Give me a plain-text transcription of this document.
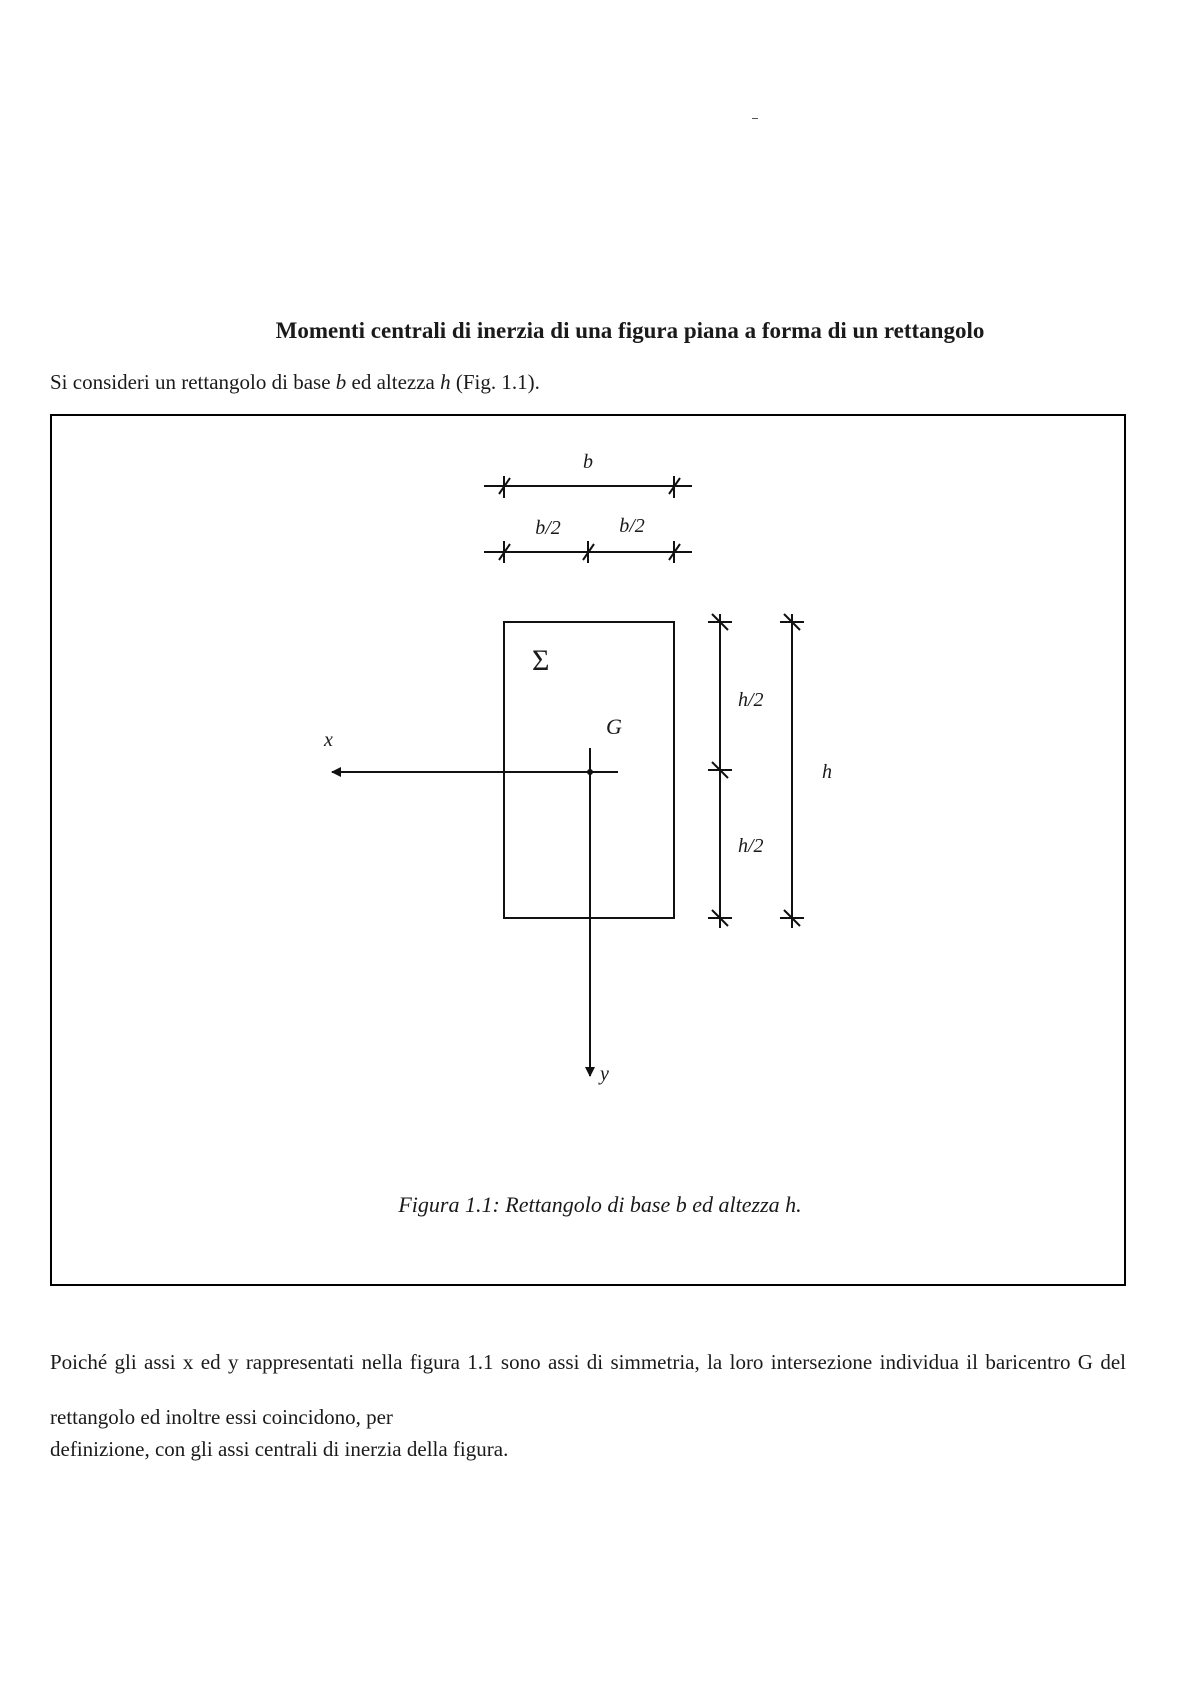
Momenti centrali di inerzia di una figura piana a forma di un rettangolo

Si consideri un rettangolo di base b ed altezza h (Fig. 1.1).

b
b/2	b/2
Σ
G
x
y
h/2
h/2
h

Figura 1.1: Rettangolo di base b ed altezza h.

Poiché gli assi x ed y rappresentati nella figura 1.1 sono assi di simmetria, la loro intersezione individua il baricentro G del rettangolo ed inoltre essi coincidono, per
definizione, con gli assi centrali di inerzia della figura.
